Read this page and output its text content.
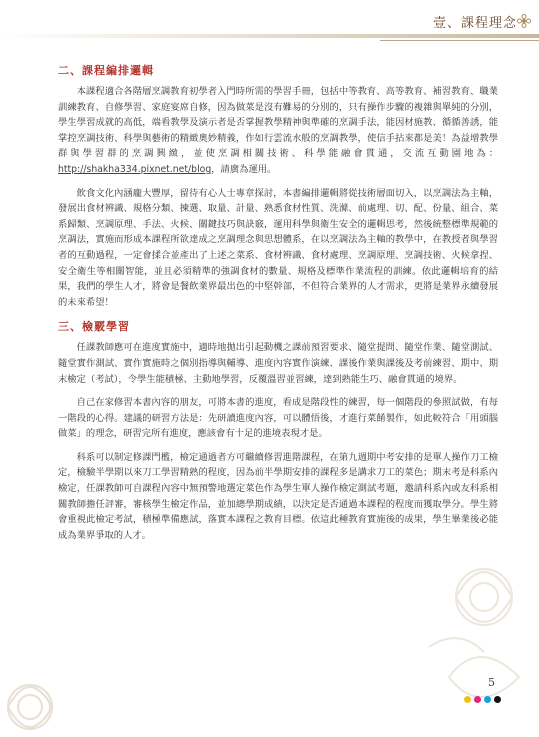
壹、課程理念
二、課程編排邏輯

本課程適合各階層烹調教育初學者入門時所需的學習手冊，包括中等教育、高等教育、補習教育、職業訓練教育、自修學習、家庭宴席自修，因為做菜是沒有難易的分別的，只有操作步驟的複雜與單純的分別，學生學習成就的高低，端看教學及演示者是否掌握教學精神與準確的烹調手法，能因材施教、循循善誘，能掌控烹調技術、科學與藝術的精緻奧妙精義，作如行雲流水般的烹調教學，使信手拈來都是美！為益增教學群與學習群的烹調興緻，並使烹調相關技術、科學能融會貫通，交流互動園地為：http://shakha334.pixnet.net/blog，請廣為運用。

飲食文化內涵龐大豐厚，留待有心人士專章探討，本書編排邏輯將從技術層面切入，以烹調法為主軸，發展出食材辨識、規格分類、揀選、取量、計量、熟悉食材性質、洗滌、前處理、切、配、份量、組合、菜系歸類、烹調原理、手法、火候、關鍵技巧與訣竅，運用科學與衛生安全的邏輯思考，然後統整標準規範的烹調法，實施而形成本課程所欲達成之烹調理念與思想體系，在以烹調法為主軸的教學中，在教授者與學習者的互動過程，一定會揉合並產出了上述之菜系、食材辨識、食材處理、烹調原理、烹調技術、火候拿捏、安全衛生等相關智能，並且必須精準的強調食材的數量、規格及標準作業流程的訓練。依此邏輯培育的結果，我們的學生人才，將會是餐飲業界最出色的中堅幹部，不但符合業界的人才需求，更將是業界永續發展的未來希望！

三、檢覈學習

任課教師應可在進度實施中，適時地拋出引起動機之課前預習要求、隨堂提問、隨堂作業、隨堂測試、隨堂實作測試、實作實施時之個別指導與輔導、進度內容實作演練、課後作業與課後及考前練習、期中、期末檢定（考試），令學生能積極、主動地學習，反覆溫習並習練，達到熟能生巧、融會貫通的境界。

自己在家修習本書內容的朋友，可將本書的進度，看成是階段性的練習，每一個階段的參照試做，有每一階段的心得。建議的研習方法是：先研讀進度內容，可以體悟後，才進行菜餚製作，如此較符合「用頭腦做菜」的理念，研習完所有進度，應該會有十足的進境表現才是。

科系可以制定修課門檻，檢定通過者方可繼續修習進階課程，在第九週期中考安排的是單人操作刀工檢定，檢驗半學期以來刀工學習精熟的程度，因為前半學期安排的課程多是講求刀工的菜色；期末考是科系內檢定，任課教師可自課程內容中無預警地選定菜色作為學生單人操作檢定測試考題，邀請科系內或友科系相關教師擔任評審，審核學生檢定作品，並加總學期成績，以決定是否通過本課程的程度而獲取學分。學生將會重視此檢定考試，積極準備應試，落實本課程之教育目標。依這此種教育實施後的成果，學生畢業後必能成為業界爭取的人才。

5
